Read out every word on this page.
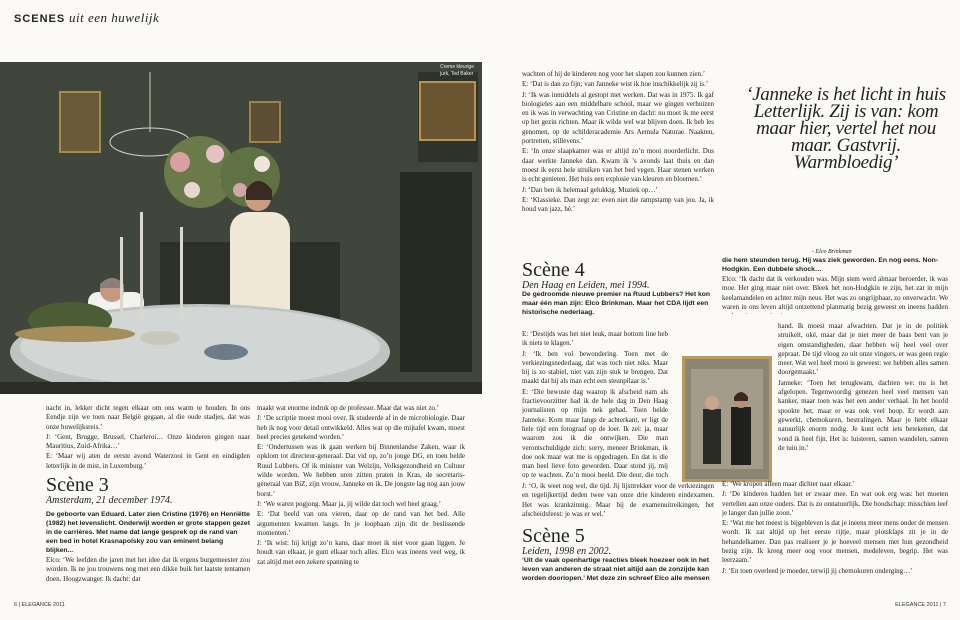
SCENES uit een huwelijk
Creme kleurige
jurk, Ted Baker

nacht in, lekker dicht tegen elkaar om ons warm te houden. In ons Eendje zijn we toen naar België gegaan, al die oude stadjes, dat was onze huwelijksreis.’

J: ‘Gent, Brugge, Brussel, Charleroi… Onze kinderen gingen naar Mauritius, Zuid-Afrika…’

E: ‘Maar wij aten de eerste avond Waterzooi in Gent en eindigden letterlijk in de mist, in Luxemburg.’

Scène 3
Amsterdam, 21 december 1974.

De geboorte van Eduard. Later zien Cristine (1976) en Henriëtte (1982) het levenslicht. Onderwijl worden er grote stappen gezet in de carrières. Met name dat lange gesprek op de rand van een bed in hotel Krasnapolsky zou van eminent belang blijken...

Elco: ‘We leefden die jaren met het idee dat ik ergens burgemeester zou worden. Ik ne jou trouwens nog met een dikke buik het laatste tentamen doen. Hoogzwanger. Ik dacht: dat

maakt wat enorme indruk op de professor. Maar dat was niet zo.’

J: ‘De scriptie moest mooi over. Ik studeerde af in de microbiologie. Daar heb ik nog voor detail ontwikkeld. Alles wat op die mijtafel kwam, moest heel precies getekend worden.’

E: ‘Ondertussen was ik gaan werken bij Binnenlandse Zaken, waar ik opklom tot directeur-generaal. Dat vid op, zo’n jonge DG, en toen belde Ruud Lubbers. Of ik minister van Welzijn, Volksgezondheid en Cultuur wilde worden. We hebben uren zitten praten in Kras, de secretaris-generaal van BiZ, zijn vrouw, Janneke en ik. De jongste lag nog aan jouw borst.’

J: ‘We waren pogjong. Maar ja, jij wilde dat toch wel heel graag.’

E: ‘Dat beeld van ons vieren, daar op de rand van het bed. Alle argumenten kwamen langs. In je loopbaan zijn dit de beslissende momenten.’

J: ‘Ik wist: hij krijgt zo’n kans, daar moet ik niet voor gaan liggen. Je houdt van elkaar, je gunt elkaar toch alles. Elco was ineens veel weg, ik zat altijd met een zekere spanning te

wachten of hij de kinderen nog voor het slapen zou kunnen zien.’

E: ‘Dat is dan zo fijn; van Janneke wist ik hoe inschikkelijk zij is.’

J: ‘Ik was inmiddels al gestopt met werken. Dat was in 1975. Ik gaf biologieles aan een middelbare school, maar we gingen verhuizen en ik was in verwachting van Cristine en dacht: nu moet ik me eerst op het gezin richten. Maar ik wilde wel wat blijven doen. Ik heb les genomen, op de schilderacademie Ars Aemula Naturae. Naakten, portretten, stillevens.’

E: ‘In onze slaapkamer was er altijd zo’n mooi noorderlicht. Dus daar werkte Janneke dan. Kwam ik ’s avonds laat thuis en dan moest ik eerst hele struiken van het bed vegen. Haar stenen werken is echt genieten. Het huis een explosie van kleuren en bloemen.’

J: ‘Dan ben ik helemaal gelukkig. Muziek op…’

E: ‘Klassieke. Dan zegt ze: even niet die rampstamp van jou. Ja, ik houd van jazz, hè.’

Scène 4
Den Haag en Leiden, mei 1994.

De gedroomde nieuwe premier na Ruud Lubbers? Het kon maar één man zijn: Elco Brinkman. Maar het CDA lijdt een historische nederlaag.

E: ‘Destijds was het niet leuk, maar bottom line heb ik niets te klagen.’

J: ‘Ik ben vol bewondering. Toen met de verkiezingsnederlaag, dat was toch niet niks. Maar hij is zo stabiel, niet van zijn stuk te brengen. Dat maakt dat hij als man echt een steunpilaar is.’

E: ‘Die bewuste dag waarop ik afscheid nam als fractievoorzitter had ik de hele dag in Den Haag journalisten op mijn nek gehad. Toen belde Janneke. Kom maar langs de achterkant, er ligt de hele tijd een fotograaf op de loer. Ik zei: ja, maar waarom zou ik die ontwijken. Die man verontschuldigde zich: sorry, meneer Brinkman, ik doe ook maar wat me is opgedragen. En dat is die man heel lieve foto geworden. Daar stond jij, mij op te wachten. Zo’n mooi beeld. Die deur, die toch

J: ‘O, ik weet nog wel, die tijd. Jij lijsttrekker voor de verkiezingen en tegelijkertijd deden twee van onze drie kinderen eindexamen. Het was krankzinnig. Maar bij de examenuitreikingen, het afscheidsfeest: je was er wel.’

Scène 5
Leiden, 1998 en 2002.

‘Uit de vaak openhartige reacties bleek hoezeer ook in het leven van anderen de straat niet altijd aan de zonzijde kan worden doorlopen.’ Met deze zin schreef Elco alle mensen

die hem steunden terug. Hij was ziek geworden. En nog eens. Non-Hodgkin. Een dubbele shock…

Elco: ‘Ik dacht dat ik verkouden was. Mijn stem werd almaar beroerder, ik was moe. Het ging maar niet over. Bleek het non-Hodgkin te zijn, het zat in mijn keelamandelen en achter mijn neus. Het was zo ongrijpbaar, zo onverwacht. We waren in ons leven altijd ontzettend planmatig bezig geweest en ineens hadden

hand. Ik moest maar afwachten. Dat je in de politiek struikelt, oké, maar dat je niet meer de baas bent van je eigen omstandigheden, daar hebben wij heel veel over gepraat. De tijd vloog zo uit onze vingers, er was geen regie meer. Wat wel heel mooi is geweest: we hebben alles samen doorgemaakt.’

Janneke: ‘Toen het terugkwam, dachten we: nu is het afgelopen. Tegenwoordig genezen heel veel mensen van kanker, maar toen was het een ander verhaal. In het hoofd spookte het, maar er was ook veel hoop. Er wordt aan gewerkt, chemokuren, bestralingen. Maar je hebt elkaar natuurlijk enorm nodig. Je kunt echt iets betekenen, dat vond ik heel fijn. Het is: luisteren, samen wandelen, samen de tuin in.’

E: ‘We kropen alleen maar dichter naar elkaar.’

J: ‘De kinderen hadden het er zwaar mee. En wat ook erg was: het moeten vertellen aan onze ouders. Dat is zo onnatuurlijk. Die boodschap: misschien leef je langer dan jullie zoon.’

E: ‘Wat me het meest is bijgebleven is dat je ineens meer mens onder de mensen wordt. Ik zat altijd op het eerste rijtje, maar plotsklaps zit je in de behandelkamer. Dan pas realiseer je je hoeveel mensen met hun gezondheid bezig zijn. Ik kreeg meer oog voor mensen, medeleven, begrip. Het was leerzaam.’

J: ‘En toen overleed je moeder, terwijl jij chemokuren onderging…’

‘Janneke is het licht in huis Letterlijk. Zij is van: kom maar hier, vertel het nou maar. Gastvrij. Warmbloedig’
- Elco Brinkman
6 | ELEGANCE 2011	ELEGANCE 2011 | 7
